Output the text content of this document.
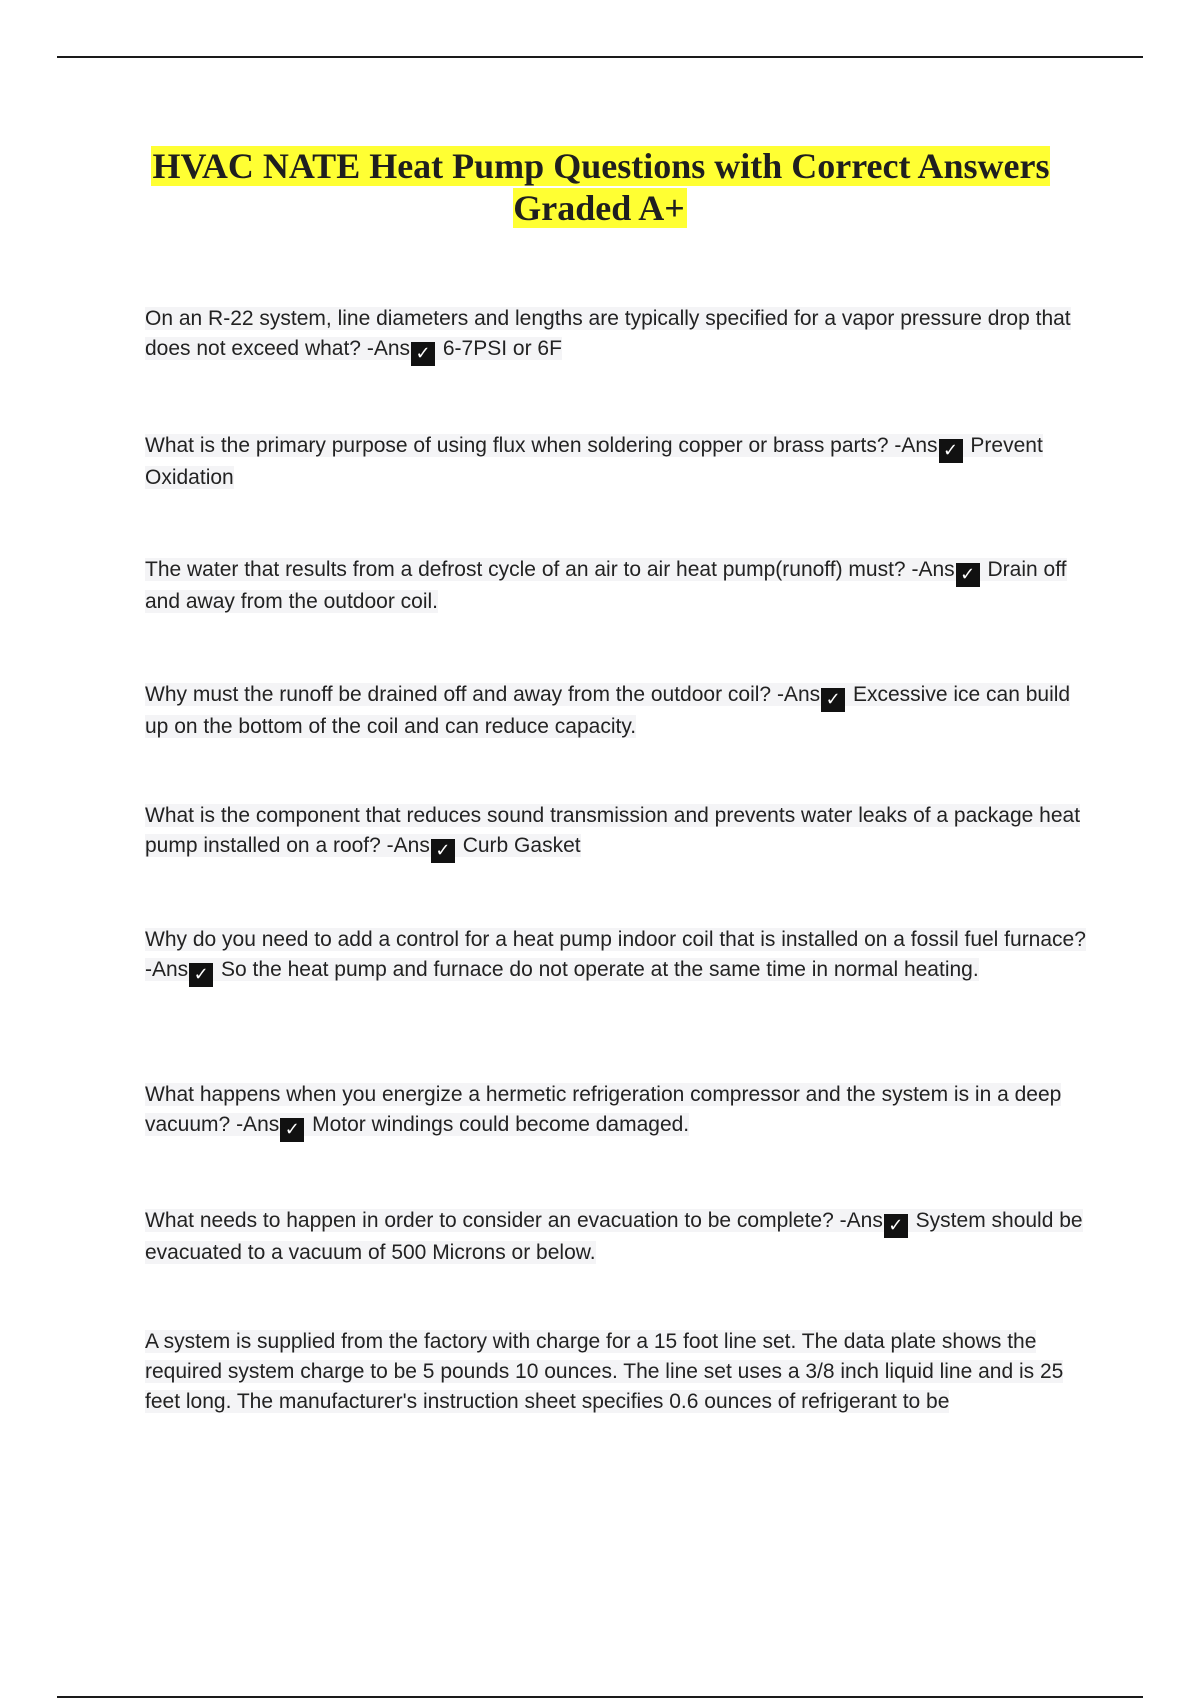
HVAC NATE Heat Pump Questions with Correct Answers Graded A+

On an R-22 system, line diameters and lengths are typically specified for a vapor pressure drop that does not exceed what? -Ans ✓ 6-7PSI or 6F

What is the primary purpose of using flux when soldering copper or brass parts? -Ans ✓ Prevent Oxidation

The water that results from a defrost cycle of an air to air heat pump(runoff) must? -Ans ✓ Drain off and away from the outdoor coil.

Why must the runoff be drained off and away from the outdoor coil? -Ans ✓ Excessive ice can build up on the bottom of the coil and can reduce capacity.

What is the component that reduces sound transmission and prevents water leaks of a package heat pump installed on a roof? -Ans ✓ Curb Gasket

Why do you need to add a control for a heat pump indoor coil that is installed on a fossil fuel furnace? -Ans ✓ So the heat pump and furnace do not operate at the same time in normal heating.

What happens when you energize a hermetic refrigeration compressor and the system is in a deep vacuum? -Ans ✓ Motor windings could become damaged.

What needs to happen in order to consider an evacuation to be complete? -Ans ✓ System should be evacuated to a vacuum of 500 Microns or below.

A system is supplied from the factory with charge for a 15 foot line set. The data plate shows the required system charge to be 5 pounds 10 ounces. The line set uses a 3/8 inch liquid line and is 25 feet long. The manufacturer's instruction sheet specifies 0.6 ounces of refrigerant to be
